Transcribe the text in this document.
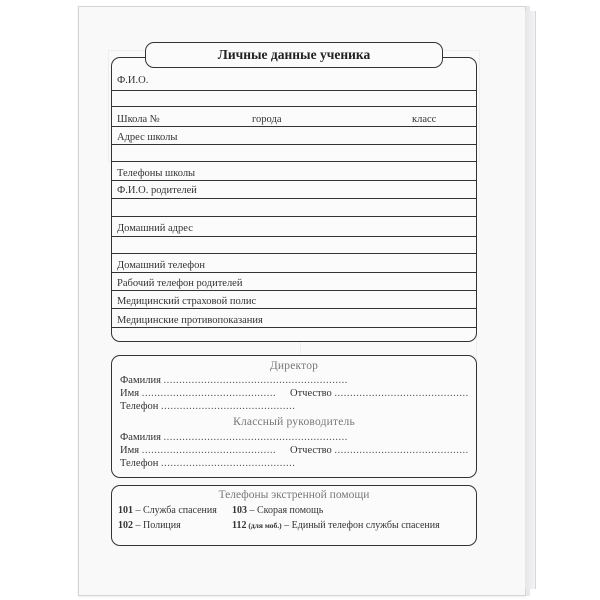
Ф.И.О.
Школа №	города	класс
Адрес школы
Телефоны школы
Ф.И.О. родителей
Домашний адрес
Домашний телефон
Рабочий телефон родителей
Медицинский страховой полис
Медицинские противопоказания
Личные данные ученика
Директор
Фамилия ...........................................................
Имя ........................................... Отчество ...........................................
Телефон ...........................................
Классный руководитель
Фамилия ...........................................................
Имя ........................................... Отчество ...........................................
Телефон ...........................................
Телефоны экстренной помощи
101 – Служба спасения 103 – Скорая помощь
102 – Полиция	112 (для моб.) – Единый телефон службы спасения
